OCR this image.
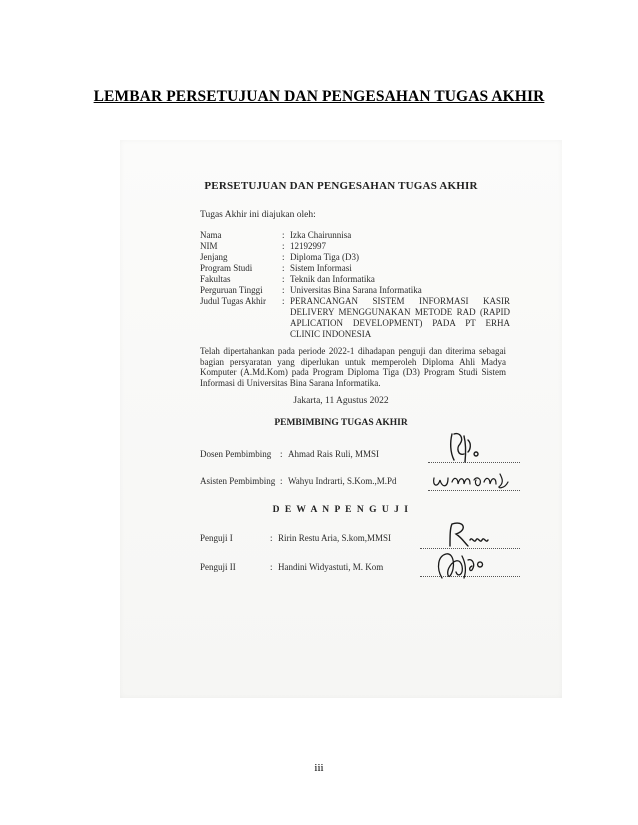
LEMBAR PERSETUJUAN DAN PENGESAHAN TUGAS AKHIR
PERSETUJUAN DAN PENGESAHAN TUGAS AKHIR
Tugas Akhir ini diajukan oleh:
Nama	: Izka Chairunnisa
NIM	: 12192997
Jenjang	: Diploma Tiga (D3)
Program Studi	: Sistem Informasi
Fakultas	: Teknik dan Informatika
Perguruan Tinggi	: Universitas Bina Sarana Informatika
Judul Tugas Akhir	: PERANCANGAN SISTEM INFORMASI KASIR
DELIVERY MENGGUNAKAN METODE RAD (RAPID
APLICATION DEVELOPMENT) PADA PT ERHA
CLINIC INDONESIA
Telah dipertahankan pada periode 2022-1 dihadapan penguji dan diterima sebagai bagian persyaratan yang diperlukan untuk memperoleh Diploma Ahli Madya Komputer (A.Md.Kom) pada Program Diploma Tiga (D3) Program Studi Sistem Informasi di Universitas Bina Sarana Informatika.
Jakarta, 11 Agustus 2022
PEMBIMBING TUGAS AKHIR
Dosen Pembimbing : Ahmad Rais Ruli, MMSI
Asisten Pembimbing : Wahyu Indrarti, S.Kom.,M.Pd
D E W A N P E N G U J I
Penguji I	: Ririn Restu Aria, S.kom,MMSI
Penguji II	: Handini Widyastuti, M. Kom
iii
